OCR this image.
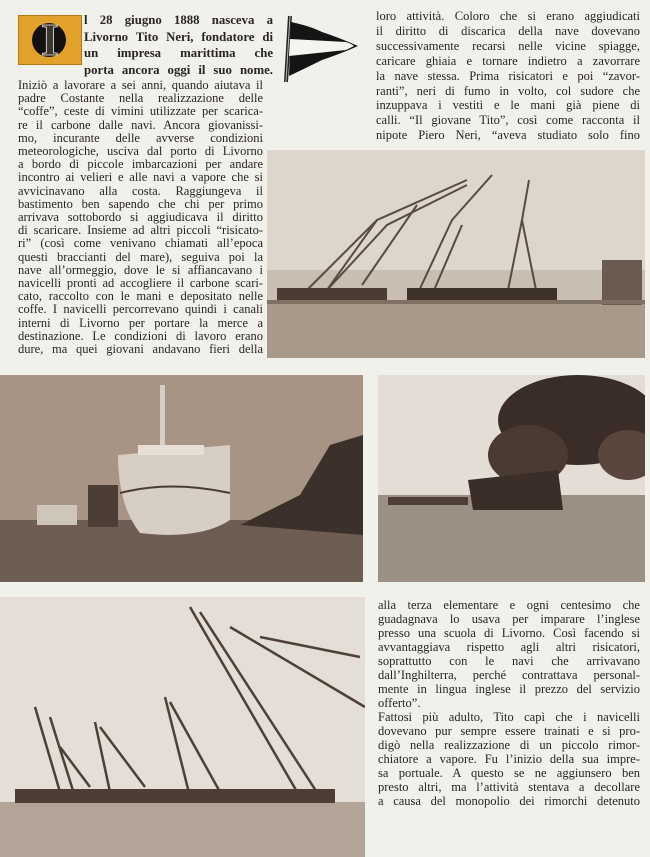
I	l 28 giugno 1888 nasceva a
Livorno Tito Neri, fondatore di
un impresa marittima che
porta ancora oggi il suo nome.
Iniziò a lavorare a sei anni, quando aiutava il
padre Costante nella realizzazione delle
“coffe”, ceste di vimini utilizzate per scarica-
re il carbone dalle navi. Ancora giovanissi-
mo, incurante delle avverse condizioni
meteorologiche, usciva dal porto di Livorno
a bordo di piccole imbarcazioni per andare
incontro ai velieri e alle navi a vapore che si
avvicinavano alla costa. Raggiungeva il
bastimento ben sapendo che chi per primo
arrivava sottobordo si aggiudicava il diritto
di scaricare. Insieme ad altri piccoli “risicato-
ri” (così come venivano chiamati all’epoca
questi braccianti del mare), seguiva poi la
nave all’ormeggio, dove le si affiancavano i
navicelli pronti ad accogliere il carbone scari-
cato, raccolto con le mani e depositato nelle
coffe. I navicelli percorrevano quindi i canali
interni di Livorno per portare la merce a
destinazione. Le condizioni di lavoro erano
dure, ma quei giovani andavano fieri della
loro attività. Coloro che si erano aggiudicati
il diritto di discarica della nave dovevano
successivamente recarsi nelle vicine spiagge,
caricare ghiaia e tornare indietro a zavorrare
la nave stessa. Prima risicatori e poi “zavor-
ranti”, neri di fumo in volto, col sudore che
inzuppava i vestiti e le mani già piene di
calli. “Il giovane Tito”, così come racconta il
nipote Piero Neri, “aveva studiato solo fino
alla terza elementare e ogni centesimo che
guadagnava lo usava per imparare l’inglese
presso una scuola di Livorno. Così facendo si
avvantaggiava rispetto agli altri risicatori,
soprattutto con le navi che arrivavano
dall’Inghilterra, perché contrattava personal-
mente in lingua inglese il prezzo del servizio
offerto”.
Fattosi più adulto, Tito capì che i navicelli
dovevano pur sempre essere trainati e si pro-
digò nella realizzazione di un piccolo rimor-
chiatore a vapore. Fu l’inizio della sua impre-
sa portuale. A questo se ne aggiunsero ben
presto altri, ma l’attività stentava a decollare
a causa del monopolio dei rimorchi detenuto
